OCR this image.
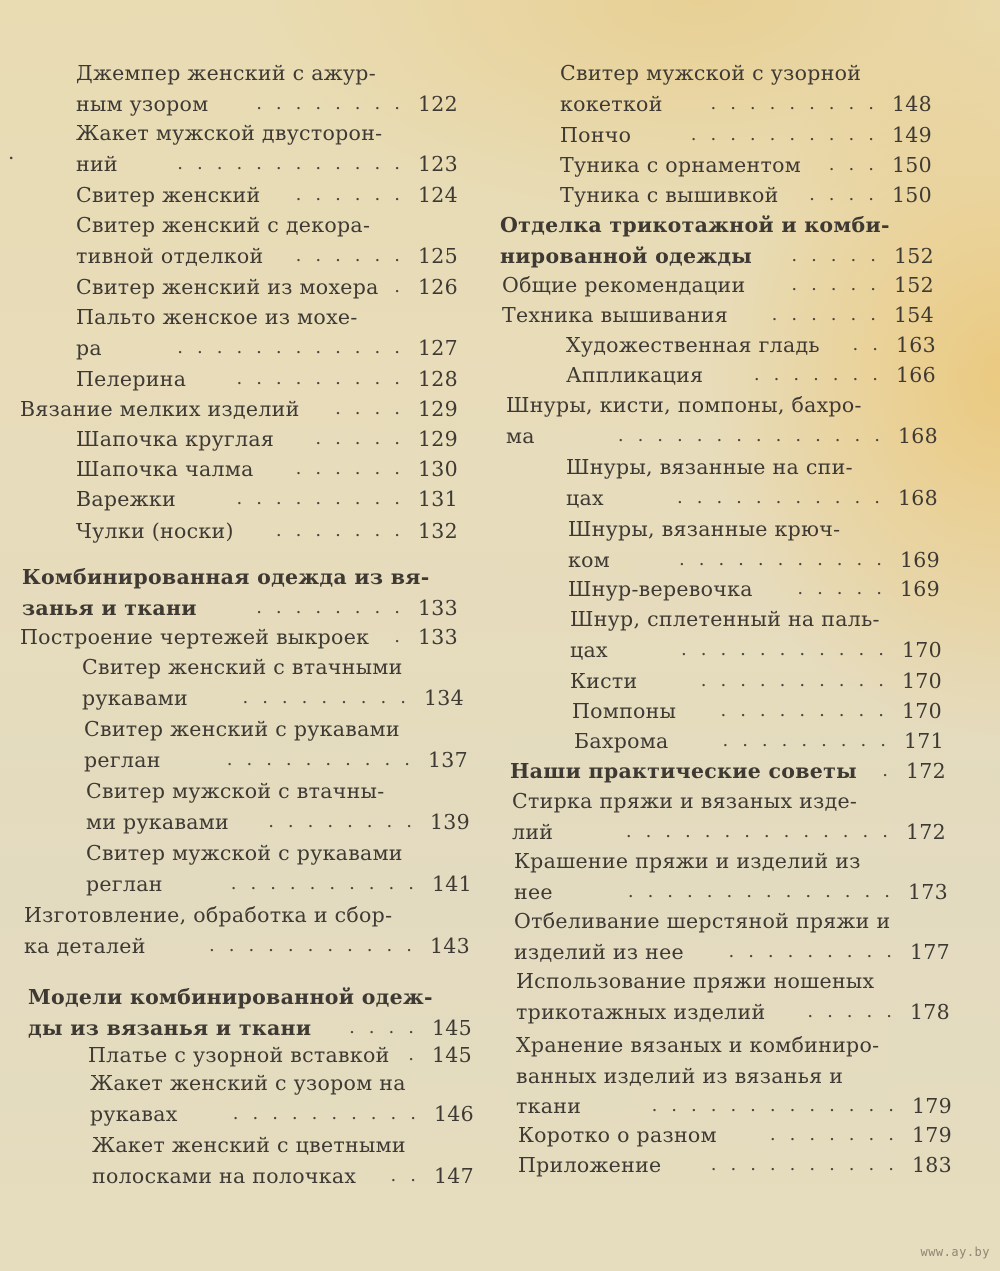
.
Джемпер женский с ажур-
ным узором	122
........
Жакет мужской двусторон-
ний	123
............
Свитер женский	124
......
Свитер женский с декора-
тивной отделкой	125
......
Свитер женский из мохера 126
.
Пальто женское из мохе-
ра	127
............
Пелерина	128
.........
Вязание мелких изделий	129
....
Шапочка круглая	129
.....
Шапочка чалма	130
......
Варежки	131
.........
Чулки (носки)	132
.......
Комбинированная одежда из вя-
занья и ткани	133
........
Построение чертежей выкроек 133
.
Свитер женский с втачными
рукавами	134
.........
Свитер женский с рукавами
реглан	137
..........
Свитер мужской с втачны-
ми рукавами	139
........
Свитер мужской с рукавами
реглан	141
..........
Изготовление, обработка и сбор-
ка деталей	143
...........
Модели комбинированной одеж-
ды из вязанья и ткани	145
....
Платье с узорной вставкой 145
.
Жакет женский с узором на
рукавах	146
..........
Жакет женский с цветными
полосками на полочках	147
..
Свитер мужской с узорной
кокеткой	148
.........
Пончо	149
..........
Туника с орнаментом	150
...
Туника с вышивкой	150
....
Отделка трикотажной и комби-
нированной одежды	152
.....
Общие рекомендации	152
.....
Техника вышивания	154
......
Художественная гладь	163
..
Аппликация	166
.......
Шнуры, кисти, помпоны, бахро-
ма	168
..............
Шнуры, вязанные на спи-
цах	168
...........
Шнуры, вязанные крюч-
ком	169
...........
Шнур-веревочка	169
.....
Шнур, сплетенный на паль-
цах	170
...........
Кисти	170
..........
Помпоны	170
.........
Бахрома	171
.........
Наши практические советы 172
.
Стирка пряжи и вязаных изде-
лий	172
..............
Крашение пряжи и изделий из
нее	173
..............
Отбеливание шерстяной пряжи и
изделий из нее	177
.........
Использование пряжи ношеных
трикотажных изделий	178
.....
Хранение вязаных и комбиниро-
ванных изделий из вязанья и
ткани	179
.............
Коротко о разном	179
.......
Приложение	183
..........
www.ay.by
